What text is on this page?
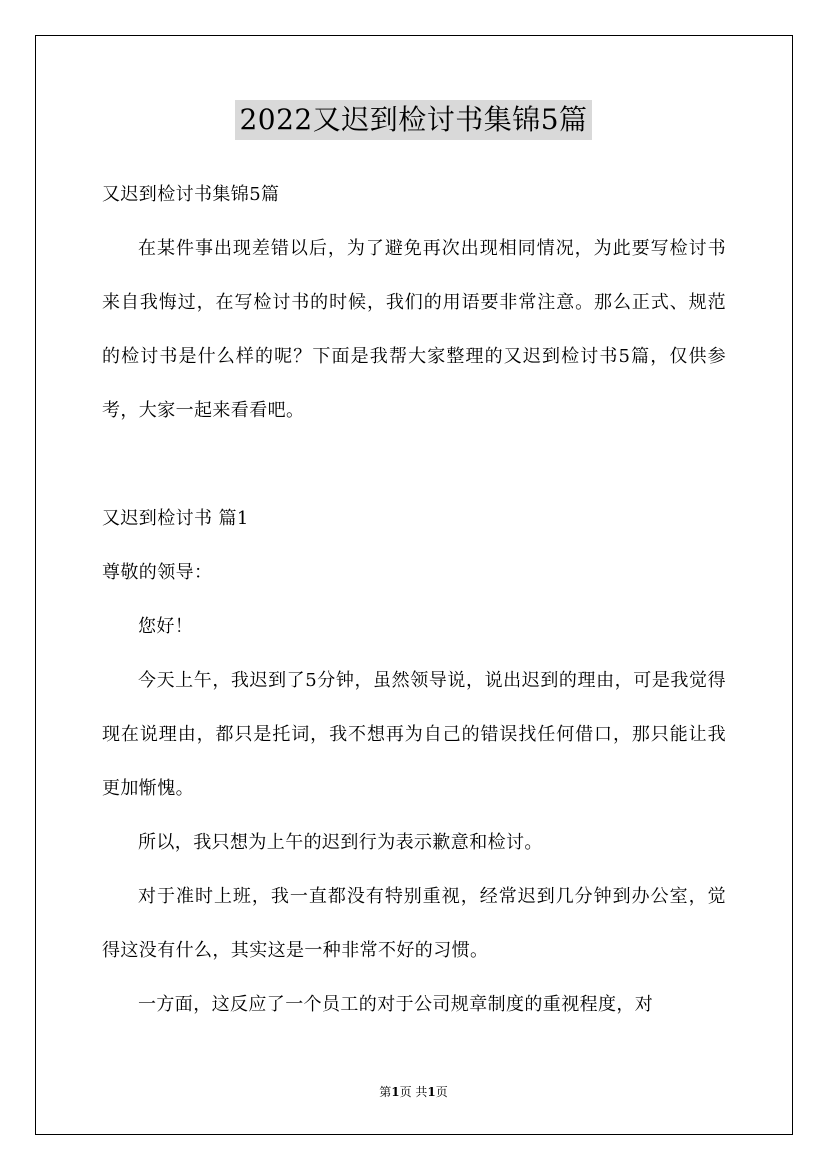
2022又迟到检讨书集锦5篇

又迟到检讨书集锦5篇

在某件事出现差错以后，为了避免再次出现相同情况，为此要写检讨书来自我悔过，在写检讨书的时候，我们的用语要非常注意。那么正式、规范的检讨书是什么样的呢？下面是我帮大家整理的又迟到检讨书5篇，仅供参考，大家一起来看看吧。

又迟到检讨书 篇1

尊敬的领导：

您好！

今天上午，我迟到了5分钟，虽然领导说，说出迟到的理由，可是我觉得现在说理由，都只是托词，我不想再为自己的错误找任何借口，那只能让我更加惭愧。

所以，我只想为上午的迟到行为表示歉意和检讨。

对于准时上班，我一直都没有特别重视，经常迟到几分钟到办公室，觉得这没有什么，其实这是一种非常不好的习惯。

一方面，这反应了一个员工的对于公司规章制度的重视程度，对

第1页 共1页
